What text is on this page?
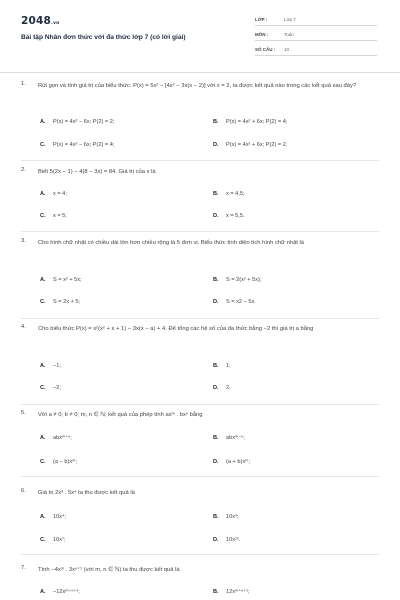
2048.vn
Bài tập Nhân đơn thức với đa thức lớp 7 (có lời giải)
LỚP :	Lớp 7
MÔN :	Toán
SỐ CÂU : 10
1. Rút gọn và tính giá trị của biểu thức: P(x) = 5x² − [4x² − 3x(x − 2)] với x = 2, ta được kết quả nào trong các kết quả sau đây?
A. P(x) = 4x² − 6x; P(2) = 2;	B. P(x) = 4x² + 6x; P(2) = 4;
C. P(x) = 4x² − 6x; P(2) = 4;	D. P(x) = 4x² + 6x; P(2) = 2.
2. Biết 5(2x − 1) − 4(8 − 3x) = 84. Giá trị của x là
A. x = 4;	B. x = 4,5;
C. x = 5;	D. x = 5,5.
3. Cho hình chữ nhật có chiều dài lớn hơn chiều rộng là 5 đơn vị. Biểu thức tính diện tích hình chữ nhật là
A. S = x² + 5x;	B. S = 2(x² + 5x);
C. S = 2x + 5;	D. S = x2 − 5x.
4. Cho biểu thức P(x) = x²(x² + x + 1) − 3x(x − a) + 4. Để tổng các hệ số của đa thức bằng −2 thì giá trị a bằng
A. −1;	B. 1;
C. −2;	D. 2.
5. Với a ≠ 0; b ≠ 0; m, n ∈ ℕ; kết quả của phép tính axᵐ . bxⁿ bằng
A. abxᵐ⁺ⁿ;	B. abxᵐ⁻ⁿ;
C. (a − b)xᵐ;	D. (a + b)xᵐ;
6. Giá trị 2x³ . 5x⁴ ta thu được kết quả là
A. 10x⁴;	B. 10x³;
C. 10x⁷;	D. 10x¹².
7. Tính −4xᵐ . 3xⁿ⁺¹ (với m, n ∈ ℕ) ta thu được kết quả là
A. −12xᵐ⁺ⁿ⁺¹;	B. 12xᵐ⁺ⁿ⁺¹;
